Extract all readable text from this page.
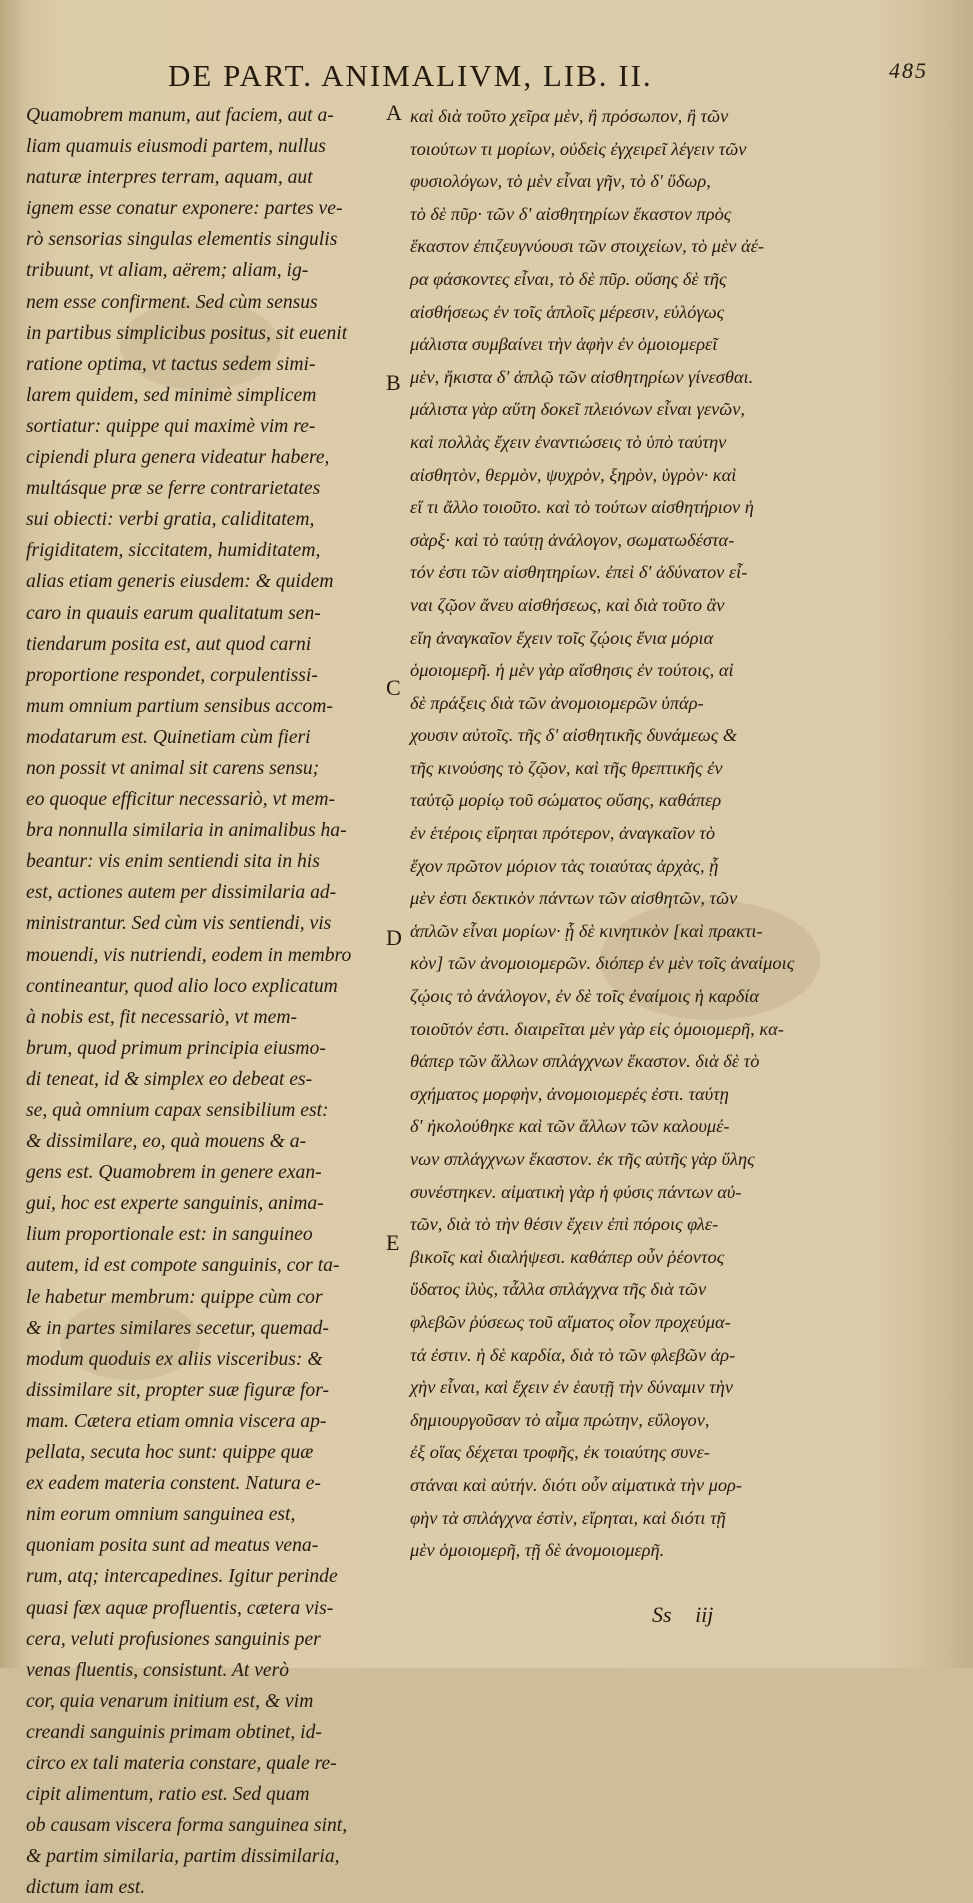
DE PART. ANIMALIVM, LIB. II.	485
Quamobrem manum, aut faciem, aut a-
liam quamuis eiusmodi partem, nullus
naturæ interpres terram, aquam, aut
ignem esse conatur exponere: partes ve-
rò sensorias singulas elementis singulis
tribuunt, vt aliam, aërem; aliam, ig-
nem esse confirment. Sed cùm sensus
in partibus simplicibus positus, sit euenit
ratione optima, vt tactus sedem simi-
larem quidem, sed minimè simplicem
sortiatur: quippe qui maximè vim re-
cipiendi plura genera videatur habere,
multásque præ se ferre contrarietates
sui obiecti: verbi gratia, caliditatem,
frigiditatem, siccitatem, humiditatem,
alias etiam generis eiusdem: & quidem
caro in quauis earum qualitatum sen-
tiendarum posita est, aut quod carni
proportione respondet, corpulentissi-
mum omnium partium sensibus accom-
modatarum est. Quinetiam cùm fieri
non possit vt animal sit carens sensu;
eo quoque efficitur necessariò, vt mem-
bra nonnulla similaria in animalibus ha-
beantur: vis enim sentiendi sita in his
est, actiones autem per dissimilaria ad-
ministrantur. Sed cùm vis sentiendi, vis
mouendi, vis nutriendi, eodem in membro
contineantur, quod alio loco explicatum
à nobis est, fit necessariò, vt mem-
brum, quod primum principia eiusmo-
di teneat, id & simplex eo debeat es-
se, quà omnium capax sensibilium est:
& dissimilare, eo, quà mouens & a-
gens est. Quamobrem in genere exan-
gui, hoc est experte sanguinis, anima-
lium proportionale est: in sanguineo
autem, id est compote sanguinis, cor ta-
le habetur membrum: quippe cùm cor
& in partes similares secetur, quemad-
modum quoduis ex aliis visceribus: &
dissimilare sit, propter suæ figuræ for-
mam. Cætera etiam omnia viscera ap-
pellata, secuta hoc sunt: quippe quæ
ex eadem materia constent. Natura e-
nim eorum omnium sanguinea est,
quoniam posita sunt ad meatus vena-
rum, atq; intercapedines. Igitur perinde
quasi fæx aquæ profluentis, cætera vis-
cera, veluti profusiones sanguinis per
venas fluentis, consistunt. At verò
cor, quia venarum initium est, & vim
creandi sanguinis primam obtinet, id-
circo ex tali materia constare, quale re-
cipit alimentum, ratio est. Sed quam
ob causam viscera forma sanguinea sint,
& partim similaria, partim dissimilaria,
dictum iam est.
καὶ διὰ τοῦτο χεῖρα μὲν, ἢ πρόσωπον, ἢ τῶν
τοιούτων τι μορίων, οὐδεὶς ἐγχειρεῖ λέγειν τῶν
φυσιολόγων, τὸ μὲν εἶναι γῆν, τὸ δ' ὕδωρ,
τὸ δὲ πῦρ· τῶν δ' αἰσθητηρίων ἕκαστον πρὸς
ἕκαστον ἐπιζευγνύουσι τῶν στοιχείων, τὸ μὲν ἀέ-
ρα φάσκοντες εἶναι, τὸ δὲ πῦρ. οὔσης δὲ τῆς
αἰσθήσεως ἐν τοῖς ἁπλοῖς μέρεσιν, εὐλόγως
μάλιστα συμβαίνει τὴν ἁφὴν ἐν ὁμοιομερεῖ
μὲν, ἥκιστα δ' ἁπλῷ τῶν αἰσθητηρίων γίνεσθαι.
μάλιστα γὰρ αὕτη δοκεῖ πλειόνων εἶναι γενῶν,
καὶ πολλὰς ἔχειν ἐναντιώσεις τὸ ὑπὸ ταύτην
αἰσθητὸν, θερμὸν, ψυχρὸν, ξηρὸν, ὑγρὸν· καὶ
εἴ τι ἄλλο τοιοῦτο. καὶ τὸ τούτων αἰσθητήριον ἡ
σὰρξ· καὶ τὸ ταύτῃ ἀνάλογον, σωματωδέστα-
τόν ἐστι τῶν αἰσθητηρίων. ἐπεὶ δ' ἀδύνατον εἶ-
ναι ζῷον ἄνευ αἰσθήσεως, καὶ διὰ τοῦτο ἂν
εἴη ἀναγκαῖον ἔχειν τοῖς ζῴοις ἔνια μόρια
ὁμοιομερῆ. ἡ μὲν γὰρ αἴσθησις ἐν τούτοις, αἱ
δὲ πράξεις διὰ τῶν ἀνομοιομερῶν ὑπάρ-
χουσιν αὐτοῖς. τῆς δ' αἰσθητικῆς δυνάμεως &
τῆς κινούσης τὸ ζῷον, καὶ τῆς θρεπτικῆς ἐν
ταὐτῷ μορίῳ τοῦ σώματος οὔσης, καθάπερ
ἐν ἑτέροις εἴρηται πρότερον, ἀναγκαῖον τὸ
ἔχον πρῶτον μόριον τὰς τοιαύτας ἀρχὰς, ᾗ
μὲν ἐστι δεκτικὸν πάντων τῶν αἰσθητῶν, τῶν
ἁπλῶν εἶναι μορίων· ᾗ δὲ κινητικὸν [καὶ πρακτι-
κὸν] τῶν ἀνομοιομερῶν. διόπερ ἐν μὲν τοῖς ἀναίμοις
ζῴοις τὸ ἀνάλογον, ἐν δὲ τοῖς ἐναίμοις ἡ καρδία
τοιοῦτόν ἐστι. διαιρεῖται μὲν γὰρ εἰς ὁμοιομερῆ, κα-
θάπερ τῶν ἄλλων σπλάγχνων ἕκαστον. διὰ δὲ τὸ
σχήματος μορφὴν, ἀνομοιομερές ἐστι. ταύτῃ
δ' ἠκολούθηκε καὶ τῶν ἄλλων τῶν καλουμέ-
νων σπλάγχνων ἕκαστον. ἐκ τῆς αὐτῆς γὰρ ὕλης
συνέστηκεν. αἱματικὴ γὰρ ἡ φύσις πάντων αὐ-
τῶν, διὰ τὸ τὴν θέσιν ἔχειν ἐπὶ πόροις φλε-
βικοῖς καὶ διαλήψεσι. καθάπερ οὖν ῥέοντος
ὕδατος ἰλὺς, τἆλλα σπλάγχνα τῆς διὰ τῶν
φλεβῶν ῥύσεως τοῦ αἵματος οἷον προχεύμα-
τά ἐστιν. ἡ δὲ καρδία, διὰ τὸ τῶν φλεβῶν ἀρ-
χὴν εἶναι, καὶ ἔχειν ἐν ἑαυτῇ τὴν δύναμιν τὴν
δημιουργοῦσαν τὸ αἷμα πρώτην, εὔλογον,
ἐξ οἵας δέχεται τροφῆς, ἐκ τοιαύτης συνε-
στάναι καὶ αὐτήν. διότι οὖν αἱματικὰ τὴν μορ-
φὴν τὰ σπλάγχνα ἐστὶν, εἴρηται, καὶ διότι τῇ
μὲν ὁμοιομερῆ, τῇ δὲ ἀνομοιομερῆ.
A
B
C
D
E
Ss iij
